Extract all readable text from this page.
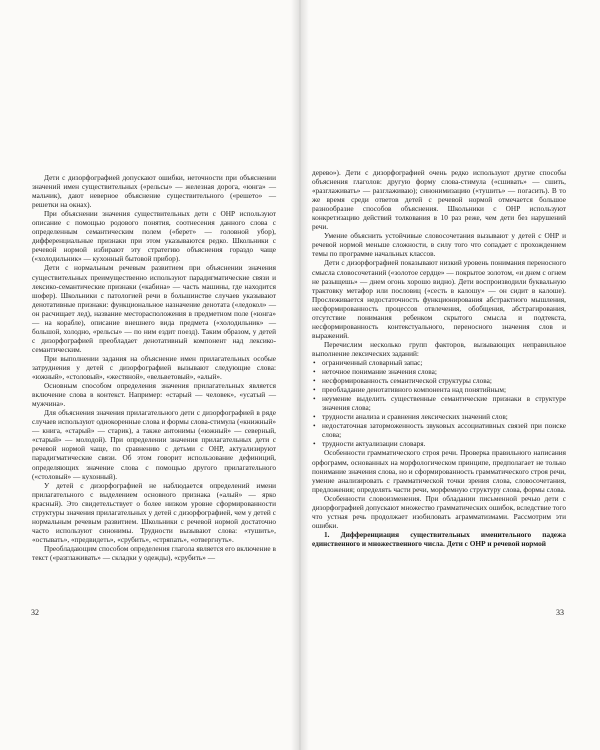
Дети с дизорфографией допускают ошибки, неточности при объяснении значений имен существительных («рельсы» — железная дорога, «юнга» — мальчик), дают неверное объяснение существительного («решето» — решетки на окнах).

При объяснении значения существительных дети с ОНР используют описание с помощью родового понятия, соотнесения данного слова с определенным семантическим полем («берет» — головной убор), дифференциальные признаки при этом указываются редко. Школьники с речевой нормой избирают эту стратегию объяснения гораздо чаще («холодильник» — кухонный бытовой прибор).

Дети с нормальным речевым развитием при объяснении значения существительных преимущественно используют парадигматические связи и лексико-семантические признаки («кабина» — часть машины, где находится шофер). Школьники с патологией речи в большинстве случаев указывают денотативные признаки: функциональное назначение денотата («ледокол» — он расчищает лед), название местораcположения в предметном поле («юнга» — на корабле), описание внешнего вида предмета («холодильник» — большой, холодно, «рельсы» — по ним ездит поезд). Таким образом, у детей с дизорфографией преобладает денотативный компонент над лексико-семантическим.

При выполнении задания на объяснение имен прилагательных особые затруднения у детей с дизорфографией вызывают следующие слова: «южный», «столовый», «жестяной», «вельветовый», «алый».

Основным способом определения значения прилагательных является включение слова в контекст. Например: «старый — человек», «усатый — мужчина».

Для объяснения значения прилагательного дети с дизорфографией в ряде случаев используют однокоренные слова и формы слова-стимула («книжный» — книга, «старый» — старик), а также антонимы («южный» — северный, «старый» — молодой). При определении значения прилагательных дети с речевой нормой чаще, по сравнению с детьми с ОНР, актуализируют парадигматические связи. Об этом говорит использование дефиниций, определяющих значение слова с помощью другого прилагательного («столовый» — кухонный).

У детей с дизорфографией не наблюдается определений имени прилагательного с выделением основного признака («алый» — ярко красный). Это свидетельствует о более низком уровне сформированности структуры значения прилагательных у детей с дизорфографией, чем у детей с нормальным речевым развитием. Школьники с речевой нормой достаточно часто используют синонимы. Трудности вызывают слова: «тушить», «остывать», «предвидеть», «срубить», «стряпать», «отвергнуть».

Преобладающим способом определения глагола является его включение в текст («разглаживать» — складки у одежды), «срубить» —

32

дерево»). Дети с дизорфографией очень редко используют другие способы объяснения глаголов: другую форму слова-стимула («сшивать» — сшить, «разглаживать» — разглаживаю); синонимизацию («тушить» — погасить). В то же время среди ответов детей с речевой нормой отмечается большое разнообразие способов объяснения. Школьники с ОНР используют конкретизацию действий толкования в 10 раз реже, чем дети без нарушений речи.

Умение объяснить устойчивые словосочетания вызывают у детей с ОНР и речевой нормой меньше сложности, в силу того что сопадает с прохождением темы по программе начальных классов.

Дети с дизорфографией показывают низкий уровень понимания переносного смысла словосочетаний («золотое сердце» — покрытое золотом, «и днем с огнем не разыщешь» — днем огонь хорошо видно). Дети воспроизводили буквальную трактовку метафор или пословиц («сесть в калошу» — он сидит в калоше). Прослеживается недостаточность функционирования абстрактного мышления, несформированность процессов отвлечения, обобщения, абстрагирования, отсутствие понимания ребенком скрытого смысла и подтекста, несформированность контекстуального, переносного значения слов и выражений.

Перечислим несколько групп факторов, вызывающих неправильное выполнение лексических заданий:

• ограниченный словарный запас;
• неточное понимание значения слова;
• несформированность семантической структуры слова;
• преобладание денотативного компонента над понятийным;
• неумение выделить существенные семантические признаки в структуре значения слова;
• трудности анализа и сравнения лексических значений слов;
• недостаточная заторможенность звуковых ассоциативных связей при поиске слова;
• трудности актуализации словаря.

Особенности грамматического строя речи. Проверка правильного написания орфограмм, основанных на морфологическом принципе, предполагает не только понимание значения слова, но и сформированность грамматического строя речи, умение анализировать с грамматической точки зрения слова, словосочетания, предложения; определять части речи, морфемную структуру слова, формы слова.

Особенности словоизменения. При обладании письменной речью дети с дизорфографией допускают множество грамматических ошибок, вследствие того что устная речь продолжает изобиловать аграмматизмами. Рассмотрим эти ошибки.

1. Дифференциация существительных именительного падежа единственного и множественного числа. Дети с ОНР и речевой нормой

33
